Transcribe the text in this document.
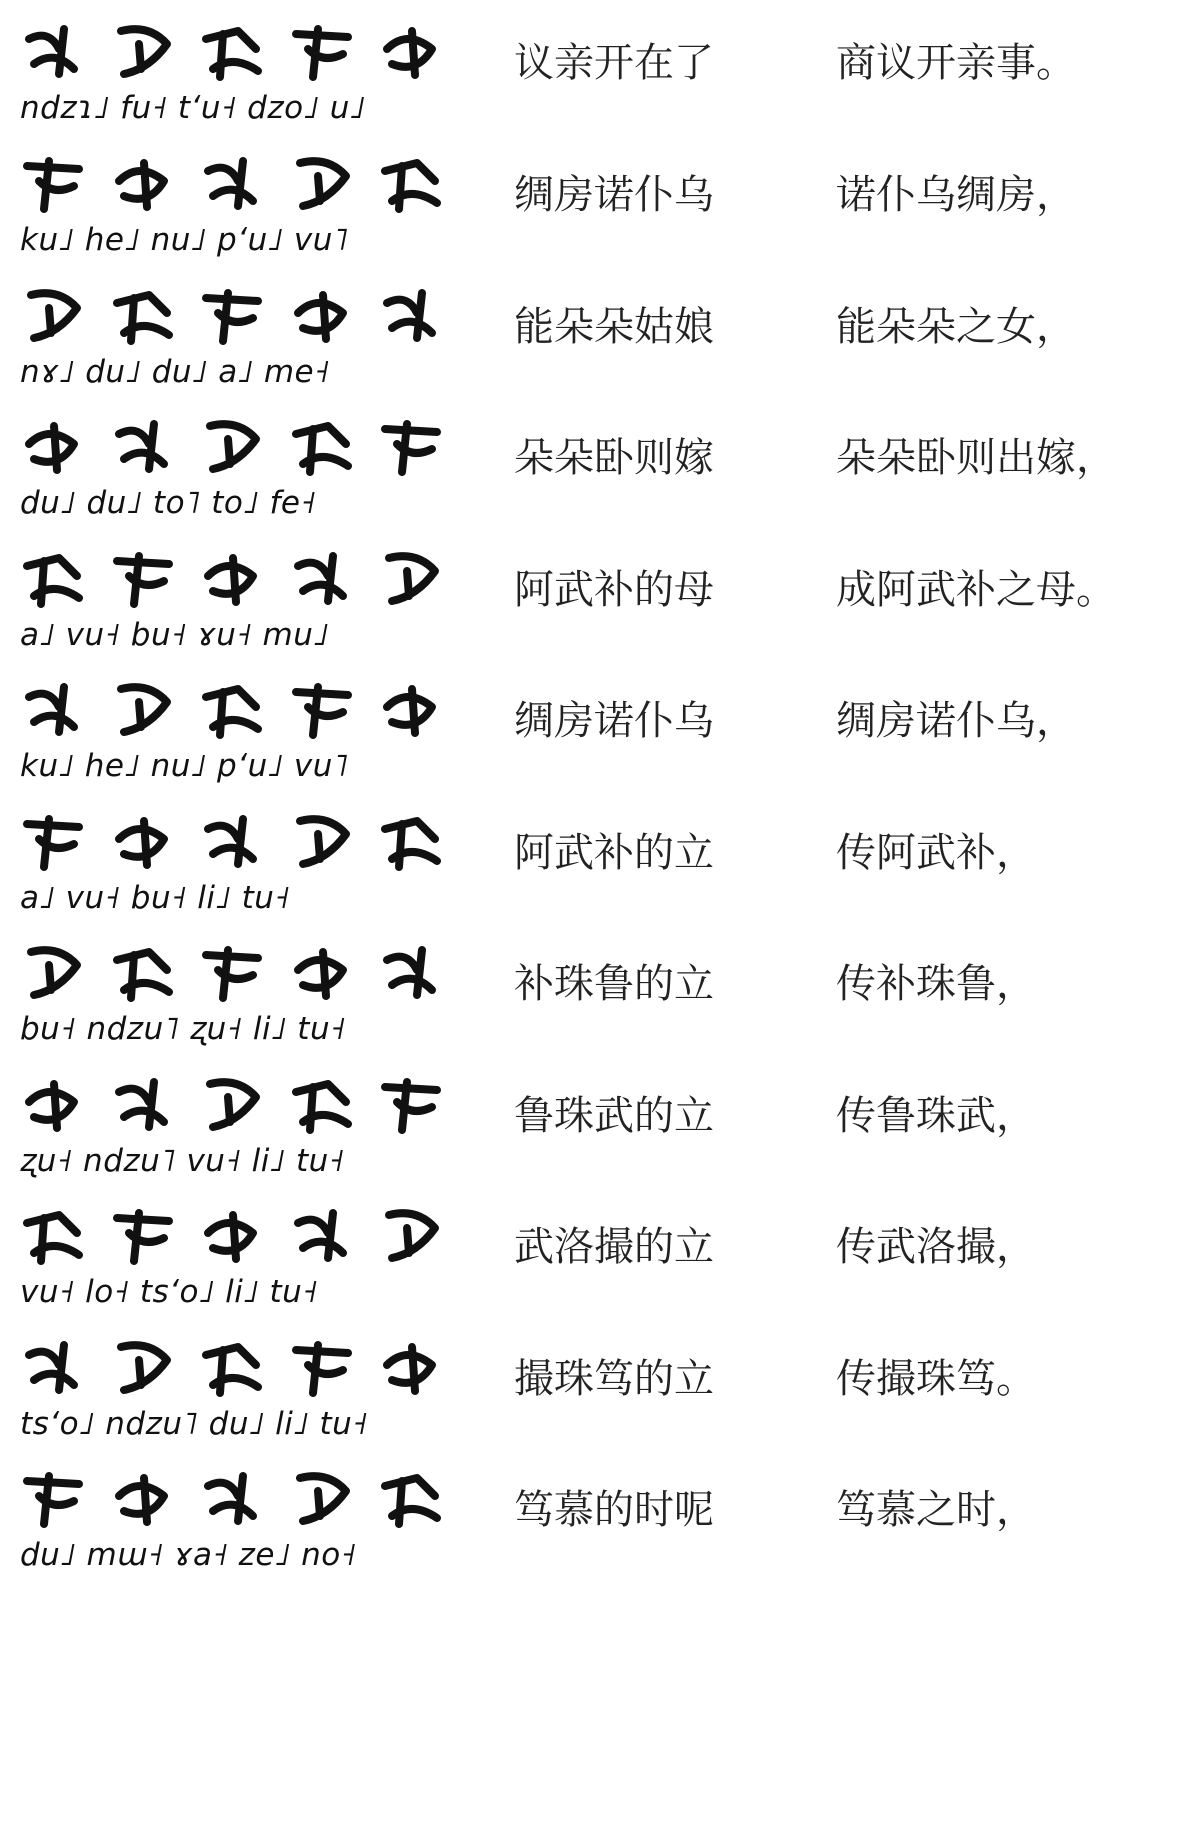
ndzɿ˩ fu˧ tʻu˧ dzo˩ u˩
议亲开在了	商议开亲事。
ku˩ he˩ nu˩ pʻu˩ vu˥
绸房诺仆乌	诺仆乌绸房，
nɤ˩ du˩ du˩ a˩ me˧
能朵朵姑娘	能朵朵之女，
du˩ du˩ to˥ to˩ fe˧
朵朵卧则嫁	朵朵卧则出嫁，
a˩ vu˧ bu˧ ɤu˧ mu˩
阿武补的母	成阿武补之母。
ku˩ he˩ nu˩ pʻu˩ vu˥
绸房诺仆乌	绸房诺仆乌，
a˩ vu˧ bu˧ li˩ tu˧
阿武补的立	传阿武补，
bu˧ ndzu˥ ʐu˧ li˩ tu˧
补珠鲁的立	传补珠鲁，
ʐu˧ ndzu˥ vu˧ li˩ tu˧
鲁珠武的立	传鲁珠武，
vu˧ lo˧ tsʻo˩ li˩ tu˧
武洛撮的立	传武洛撮，
tsʻo˩ ndzu˥ du˩ li˩ tu˧
撮珠笃的立	传撮珠笃。
du˩ mɯ˧ ɤa˧ ze˩ no˧
笃慕的时呢	笃慕之时，
